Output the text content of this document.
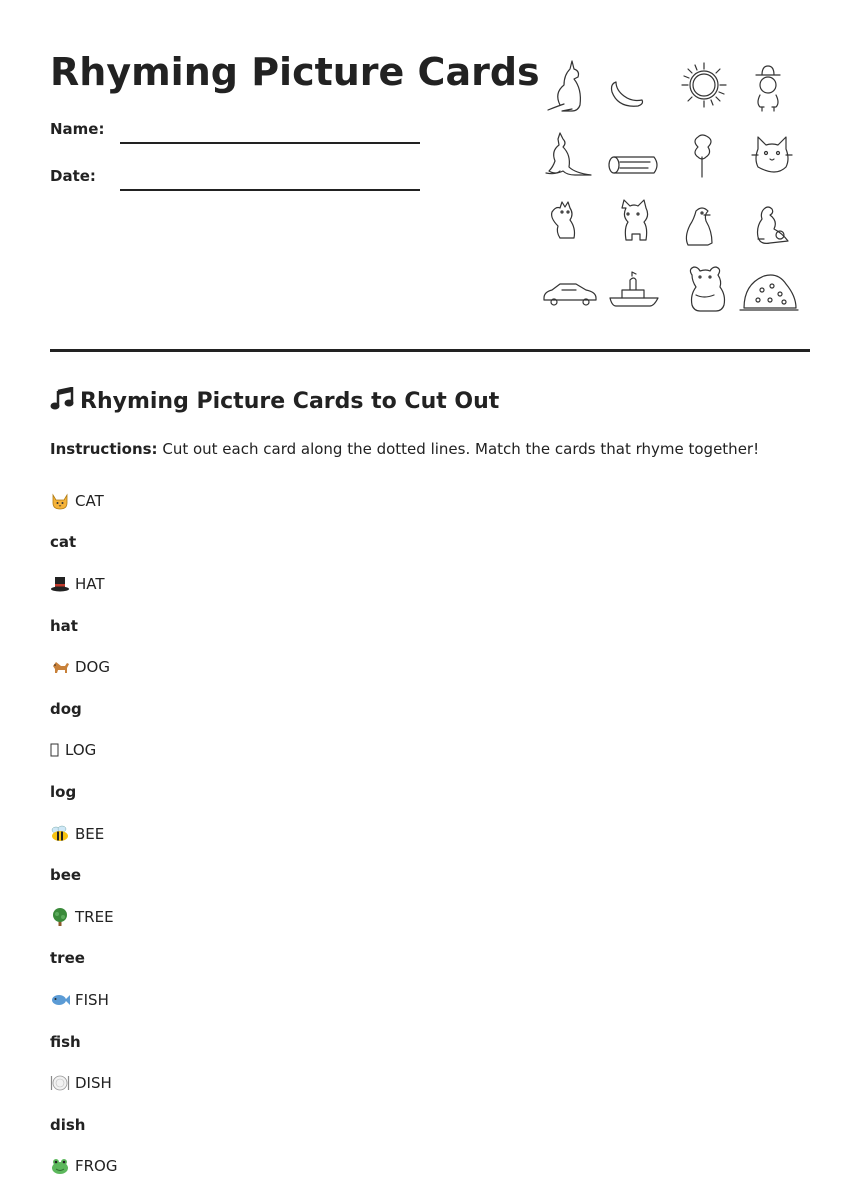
Rhyming Picture Cards
Name:
Date:
Rhyming Picture Cards to Cut Out
Instructions: Cut out each card along the dotted lines. Match the cards that rhyme together!
CAT
cat
HAT
hat
DOG
dog
LOG
log
BEE
bee
TREE
tree
FISH
fish
DISH
dish
FROG
